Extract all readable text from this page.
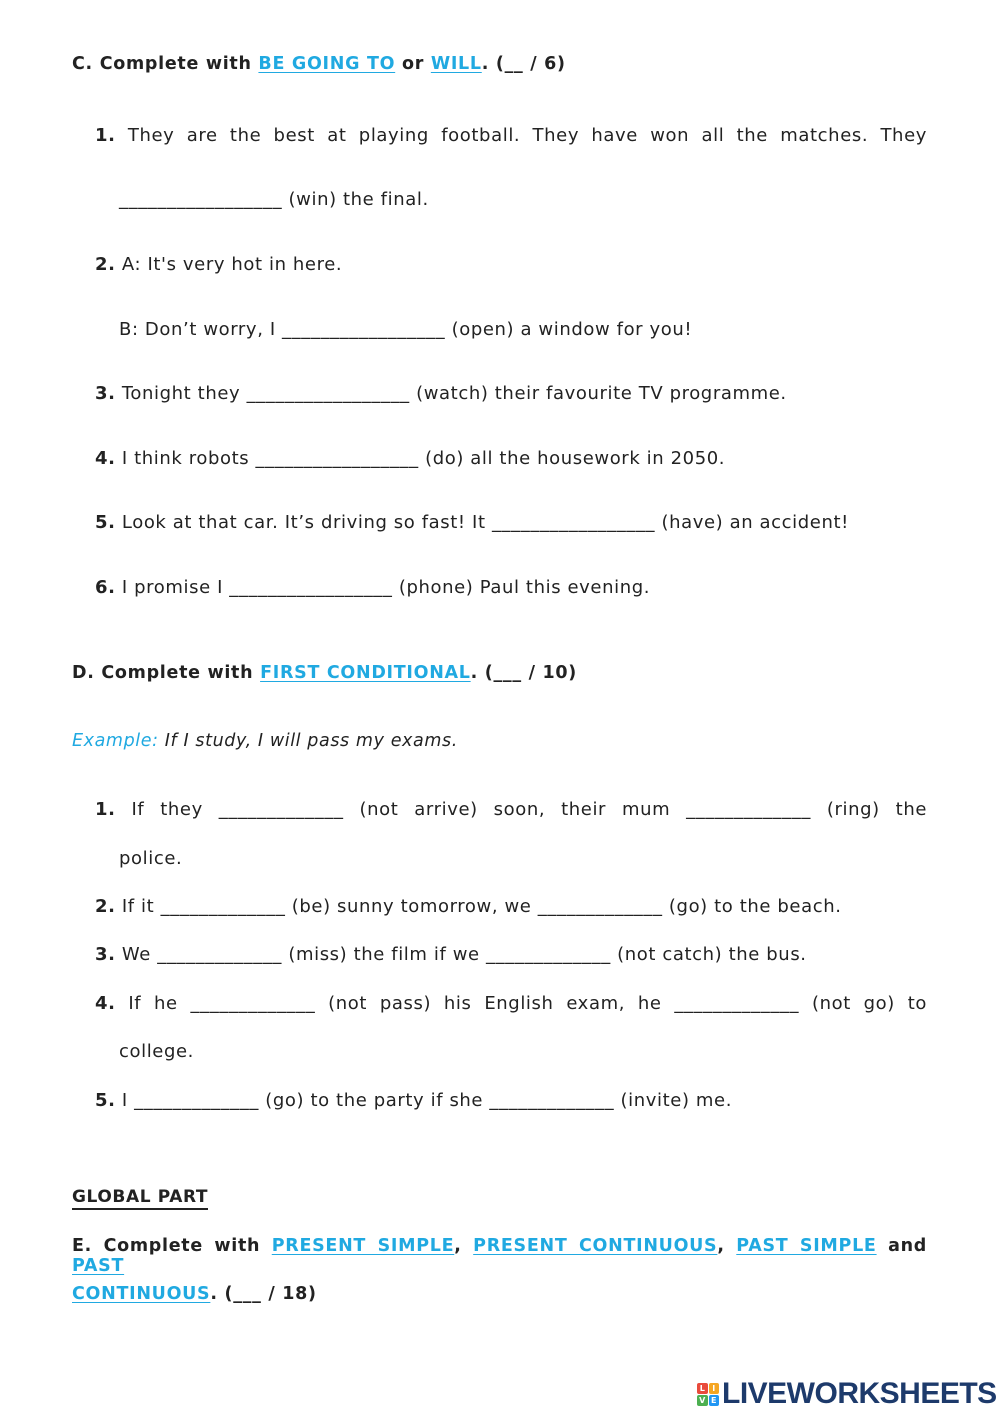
C. Complete with BE GOING TO or WILL. (__ / 6)
1. They are the best at playing football. They have won all the matches. They
_________________ (win) the final.
2. A: It's very hot in here.
B: Don’t worry, I _________________ (open) a window for you!
3. Tonight they _________________ (watch) their favourite TV programme.
4. I think robots _________________ (do) all the housework in 2050.
5. Look at that car. It’s driving so fast! It _________________ (have) an accident!
6. I promise I _________________ (phone) Paul this evening.
D. Complete with FIRST CONDITIONAL. (___ / 10)
Example: If I study, I will pass my exams.
1. If they _____________ (not arrive) soon, their mum _____________ (ring) the
police.
2. If it _____________ (be) sunny tomorrow, we _____________ (go) to the beach.
3. We _____________ (miss) the film if we _____________ (not catch) the bus.
4. If he _____________ (not pass) his English exam, he _____________ (not go) to
college.
5. I _____________ (go) to the party if she _____________ (invite) me.
GLOBAL PART
E. Complete with PRESENT SIMPLE, PRESENT CONTINUOUS, PAST SIMPLE and PAST
CONTINUOUS. (___ / 18)
L I
V E LIVEWORKSHEETS
